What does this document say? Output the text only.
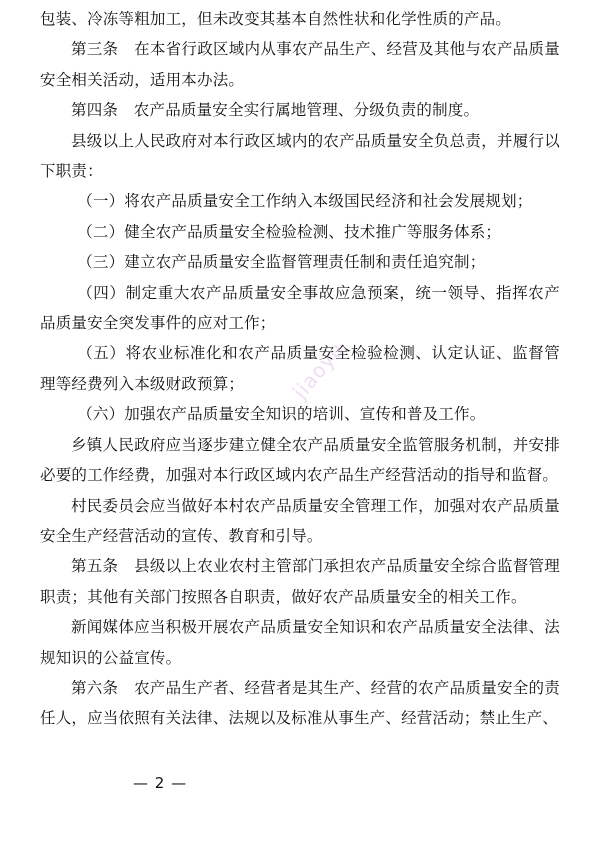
包装、冷冻等粗加工，但未改变其基本自然性状和化学性质的产品。

第三条　在本省行政区域内从事农产品生产、经营及其他与农产品质量安全相关活动，适用本办法。

第四条　农产品质量安全实行属地管理、分级负责的制度。

县级以上人民政府对本行政区域内的农产品质量安全负总责，并履行以下职责：

（一）将农产品质量安全工作纳入本级国民经济和社会发展规划；

（二）健全农产品质量安全检验检测、技术推广等服务体系；

（三）建立农产品质量安全监督管理责任制和责任追究制；

（四）制定重大农产品质量安全事故应急预案，统一领导、指挥农产品质量安全突发事件的应对工作；

（五）将农业标准化和农产品质量安全检验检测、认定认证、监督管理等经费列入本级财政预算；

（六）加强农产品质量安全知识的培训、宣传和普及工作。

乡镇人民政府应当逐步建立健全农产品质量安全监管服务机制，并安排必要的工作经费，加强对本行政区域内农产品生产经营活动的指导和监督。

村民委员会应当做好本村农产品质量安全管理工作，加强对农产品质量安全生产经营活动的宣传、教育和引导。

第五条　县级以上农业农村主管部门承担农产品质量安全综合监督管理职责；其他有关部门按照各自职责，做好农产品质量安全的相关工作。

新闻媒体应当积极开展农产品质量安全知识和农产品质量安全法律、法规知识的公益宣传。

第六条　农产品生产者、经营者是其生产、经营的农产品质量安全的责任人，应当依照有关法律、法规以及标准从事生产、经营活动；禁止生产、

jiaoyu
— 2 —
